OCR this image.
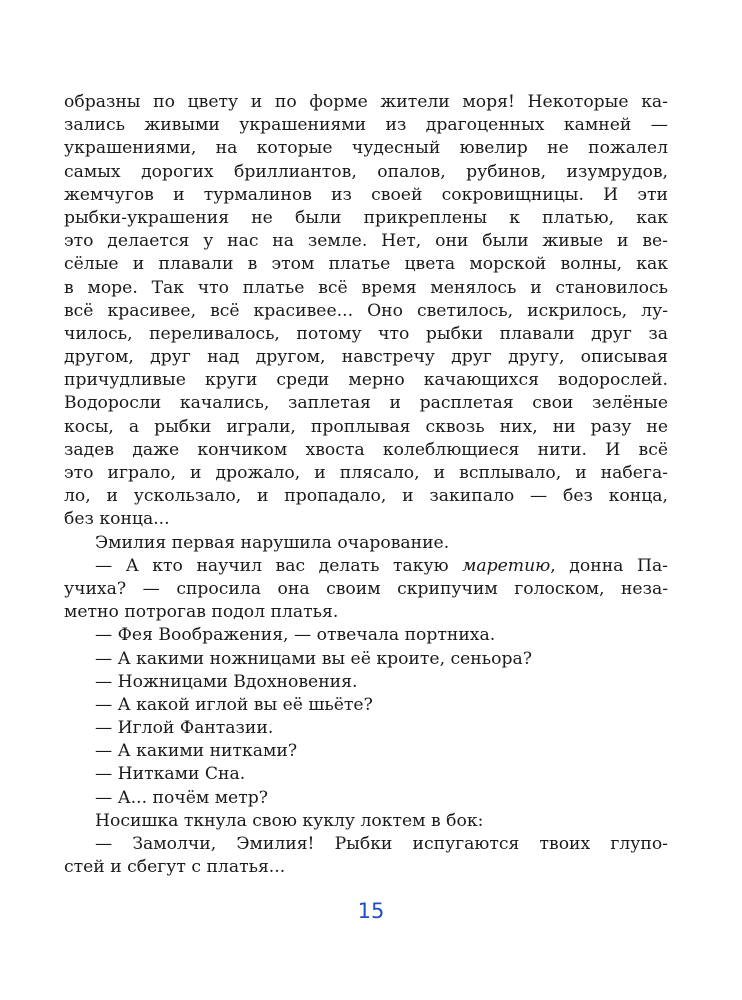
образны по цвету и по форме жители моря! Некоторые ка-
зались живыми украшениями из драгоценных камней —
украшениями, на которые чудесный ювелир не пожалел
самых дорогих бриллиантов, опалов, рубинов, изумрудов,
жемчугов и турмалинов из своей сокровищницы. И эти
рыбки-украшения не были прикреплены к платью, как
это делается у нас на земле. Нет, они были живые и ве-
сёлые и плавали в этом платье цвета морской волны, как
в море. Так что платье всё время менялось и становилось
всё красивее, всё красивее... Оно светилось, искрилось, лу-
чилось, переливалось, потому что рыбки плавали друг за
другом, друг над другом, навстречу друг другу, описывая
причудливые круги среди мерно качающихся водорослей.
Водоросли качались, заплетая и расплетая свои зелёные
косы, а рыбки играли, проплывая сквозь них, ни разу не
задев даже кончиком хвоста колеблющиеся нити. И всё
это играло, и дрожало, и плясало, и всплывало, и набега-
ло, и ускользало, и пропадало, и закипало — без конца,
без конца...
Эмилия первая нарушила очарование.
— А кто научил вас делать такую маретию, донна Па-
учиха? — спросила она своим скрипучим голоском, неза-
метно потрогав подол платья.
— Фея Воображения, — отвечала портниха.
— А какими ножницами вы её кроите, сеньора?
— Ножницами Вдохновения.
— А какой иглой вы её шьёте?
— Иглой Фантазии.
— А какими нитками?
— Нитками Сна.
— А... почём метр?
Носишка ткнула свою куклу локтем в бок:
— Замолчи, Эмилия! Рыбки испугаются твоих глупо-
стей и сбегут с платья...
15
